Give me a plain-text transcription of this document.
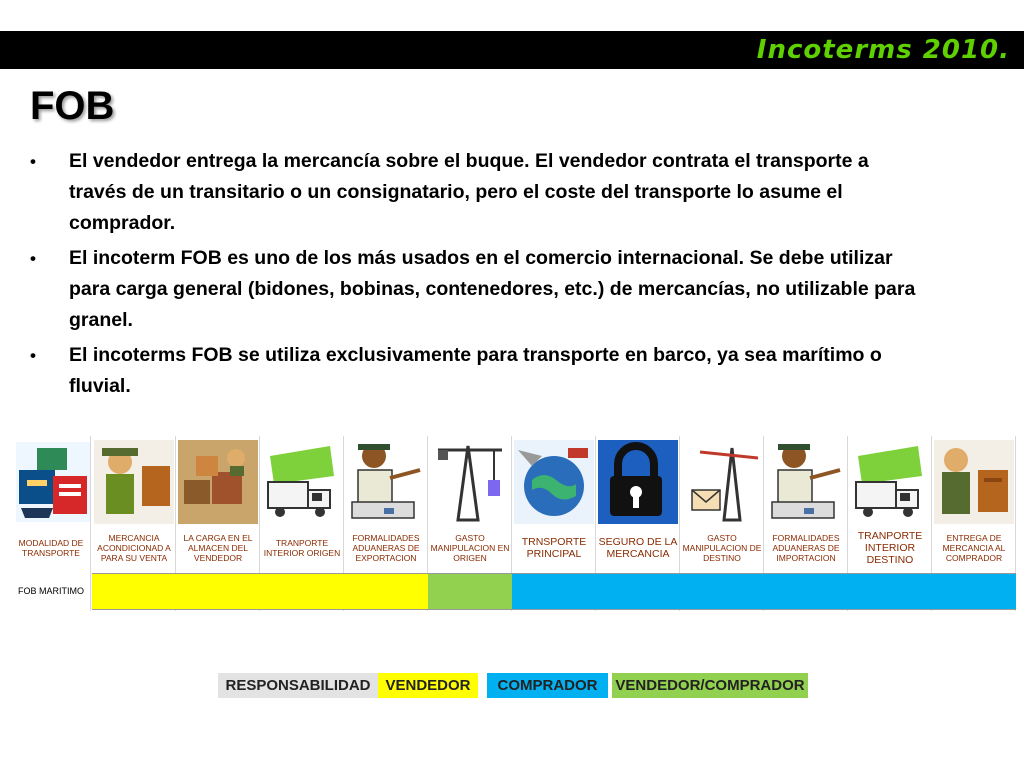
Incoterms 2010.
FOB
• El vendedor entrega la mercancía sobre el buque. El vendedor contrata el transporte a través de un transitario o un consignatario, pero el coste del transporte lo asume el comprador.
• El incoterm FOB es uno de los más usados en el comercio internacional. Se debe utilizar para carga general (bidones, bobinas, contenedores, etc.) de mercancías, no utilizable para granel.
• El incoterms FOB se utiliza exclusivamente para transporte en barco, ya sea marítimo o fluvial.
MODALIDAD DE TRANSPORTE
FOB MARITIMO
MERCANCIA ACONDICIONAD A PARA SU VENTA
LA CARGA EN EL ALMACEN DEL VENDEDOR
TRANPORTE INTERIOR ORIGEN
FORMALIDADES ADUANERAS DE EXPORTACION
GASTO MANIPULACION EN ORIGEN
TRNSPORTE PRINCIPAL
SEGURO DE LA MERCANCIA
GASTO MANIPULACION DE DESTINO
FORMALIDADES ADUANERAS DE IMPORTACION
TRANPORTE INTERIOR DESTINO
ENTREGA DE MERCANCIA AL COMPRADOR
RESPONSABILIDAD VENDEDOR COMPRADOR VENDEDOR/COMPRADOR
